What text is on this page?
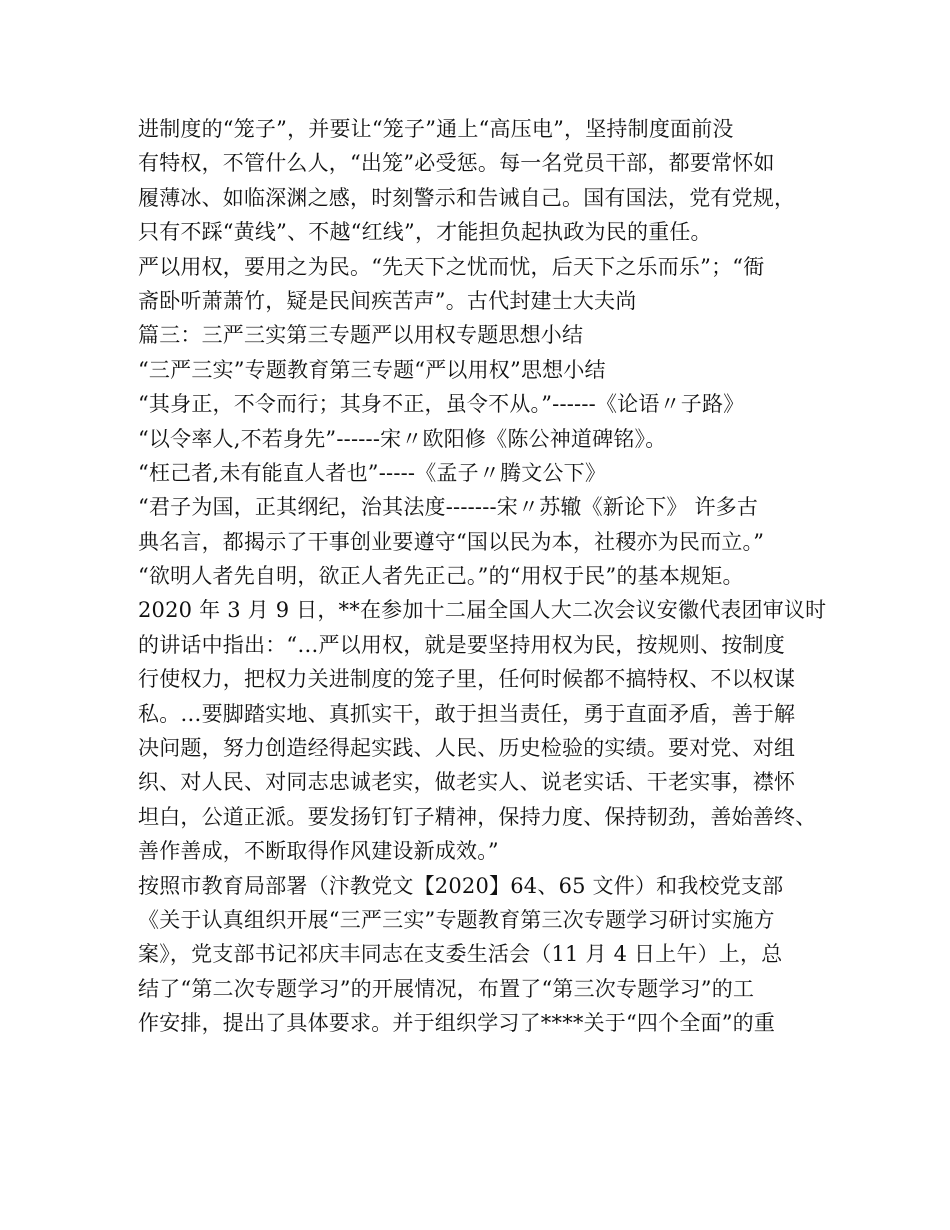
进制度的“笼子”，并要让“笼子”通上“高压电”，坚持制度面前没
有特权，不管什么人，“出笼”必受惩。每一名党员干部，都要常怀如
履薄冰、如临深渊之感，时刻警示和告诫自己。国有国法，党有党规，
只有不踩“黄线”、不越“红线”，才能担负起执政为民的重任。
严以用权，要用之为民。“先天下之忧而忧，后天下之乐而乐”；“衙
斋卧听萧萧竹，疑是民间疾苦声”。古代封建士大夫尚
篇三：三严三实第三专题严以用权专题思想小结
“三严三实”专题教育第三专题“严以用权”思想小结
“其身正，不令而行；其身不正，虽令不从。”------《论语〃子路》
“以令率人,不若身先”------宋〃欧阳修《陈公神道碑铭》。
“枉己者,未有能直人者也”-----《孟子〃腾文公下》
“君子为国，正其纲纪，治其法度-------宋〃苏辙《新论下》 许多古
典名言，都揭示了干事创业要遵守“国以民为本，社稷亦为民而立。”
“欲明人者先自明，欲正人者先正己。”的“用权于民”的基本规矩。
2020 年 3 月 9 日，**在参加十二届全国人大二次会议安徽代表团审议时
的讲话中指出：“…严以用权，就是要坚持用权为民，按规则、按制度
行使权力，把权力关进制度的笼子里，任何时候都不搞特权、不以权谋
私。…要脚踏实地、真抓实干，敢于担当责任，勇于直面矛盾，善于解
决问题，努力创造经得起实践、人民、历史检验的实绩。要对党、对组
织、对人民、对同志忠诚老实，做老实人、说老实话、干老实事，襟怀
坦白，公道正派。要发扬钉钉子精神，保持力度、保持韧劲，善始善终、
善作善成，不断取得作风建设新成效。”
按照市教育局部署（汴教党文【2020】64、65 文件）和我校党支部
《关于认真组织开展“三严三实”专题教育第三次专题学习研讨实施方
案》，党支部书记祁庆丰同志在支委生活会（11 月 4 日上午）上，总
结了“第二次专题学习”的开展情况，布置了“第三次专题学习”的工
作安排，提出了具体要求。并于组织学习了****关于“四个全面”的重
